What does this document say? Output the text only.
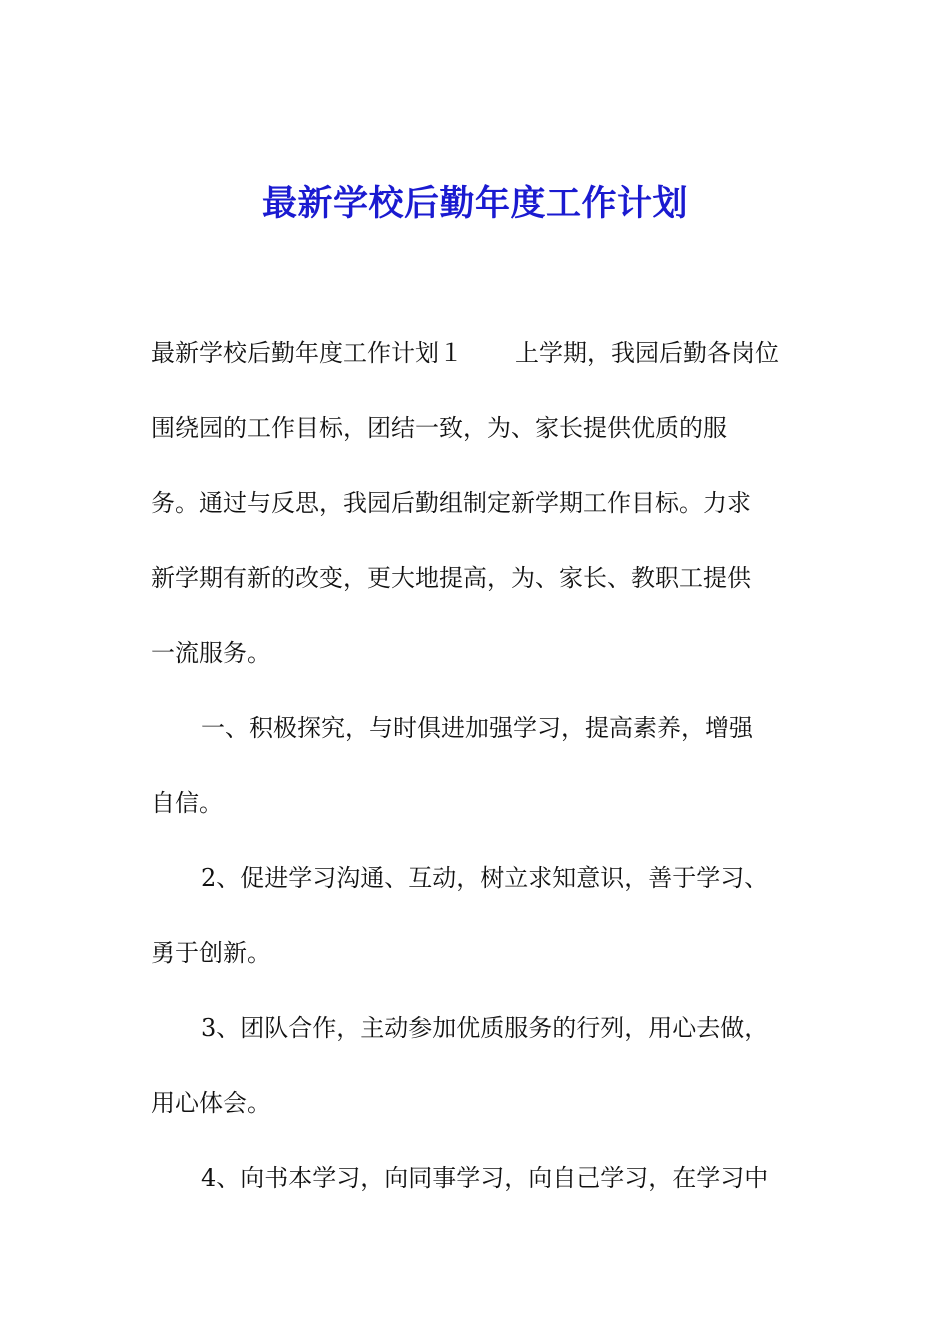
最新学校后勤年度工作计划
最新学校后勤年度工作计划１ 上学期，我园后勤各岗位
围绕园的工作目标，团结一致，为、家长提供优质的服
务。通过与反思，我园后勤组制定新学期工作目标。力求
新学期有新的改变，更大地提高，为、家长、教职工提供
一流服务。
一、积极探究，与时俱进加强学习，提高素养，增强
自信。
2、促进学习沟通、互动，树立求知意识，善于学习、
勇于创新。
3、团队合作，主动参加优质服务的行列，用心去做，
用心体会。
4、向书本学习，向同事学习，向自己学习，在学习中
